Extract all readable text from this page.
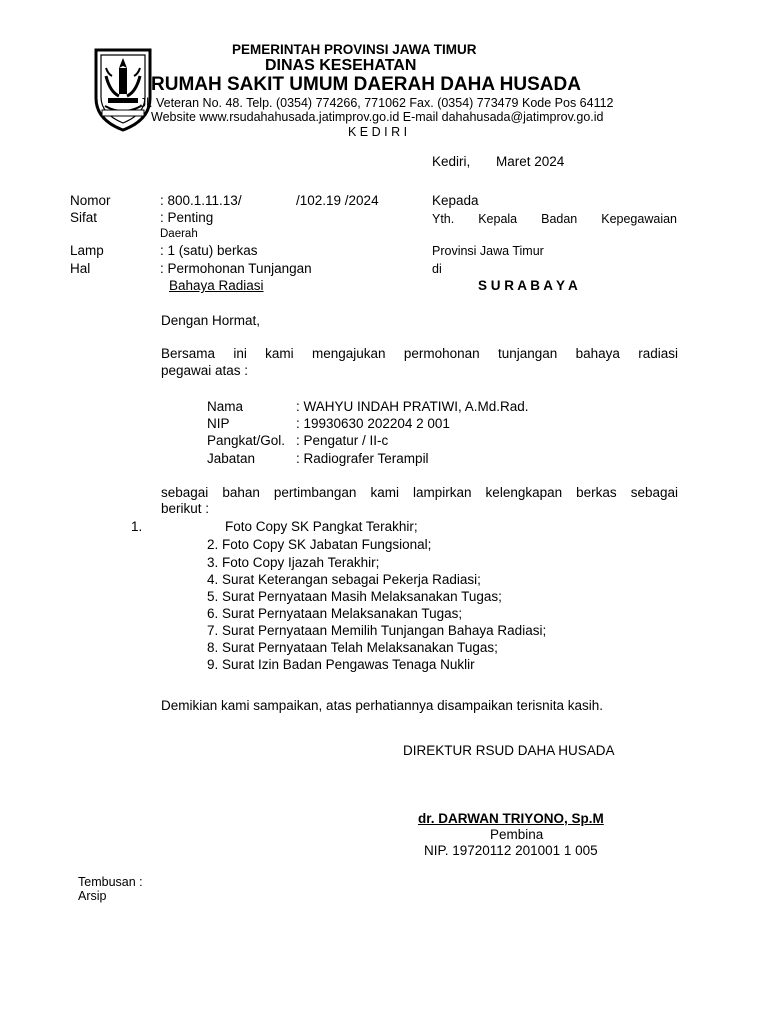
PEMERINTAH PROVINSI JAWA TIMUR
DINAS KESEHATAN
RUMAH SAKIT UMUM DAERAH DAHA HUSADA
Jl. Veteran No. 48. Telp. (0354) 774266, 771062 Fax. (0354) 773479 Kode Pos 64112
Website www.rsudahahusada.jatimprov.go.id E-mail dahahusada@jatimprov.go.id
K E D I R I
Kediri, Maret 2024
Nomor	: 800.1.11.13/	/102.19 /2024
Sifat	: Penting
Daerah
Lamp	: 1 (satu) berkas
Hal	: Permohonan Tunjangan
Bahaya Radiasi
Kepada
Yth. Kepala Badan Kepegawaian
Provinsi Jawa Timur
di
S U R A B A Y A
Dengan Hormat,
Bersama ini kami mengajukan permohonan tunjangan bahaya radiasi
pegawai atas :
Nama	: WAHYU INDAH PRATIWI, A.Md.Rad.
NIP	: 19930630 202204 2 001
Pangkat/Gol. : Pengatur / II-c
Jabatan	: Radiografer Terampil
sebagai bahan pertimbangan kami lampirkan kelengkapan berkas sebagai
berikut :
1.	Foto Copy SK Pangkat Terakhir;
2. Foto Copy SK Jabatan Fungsional;
3. Foto Copy Ijazah Terakhir;
4. Surat Keterangan sebagai Pekerja Radiasi;
5. Surat Pernyataan Masih Melaksanakan Tugas;
6. Surat Pernyataan Melaksanakan Tugas;
7. Surat Pernyataan Memilih Tunjangan Bahaya Radiasi;
8. Surat Pernyataan Telah Melaksanakan Tugas;
9. Surat Izin Badan Pengawas Tenaga Nuklir
Demikian kami sampaikan, atas perhatiannya disampaikan terisnita kasih.
DIREKTUR RSUD DAHA HUSADA
dr. DARWAN TRIYONO, Sp.M
Pembina
NIP. 19720112 201001 1 005
Tembusan :
Arsip
